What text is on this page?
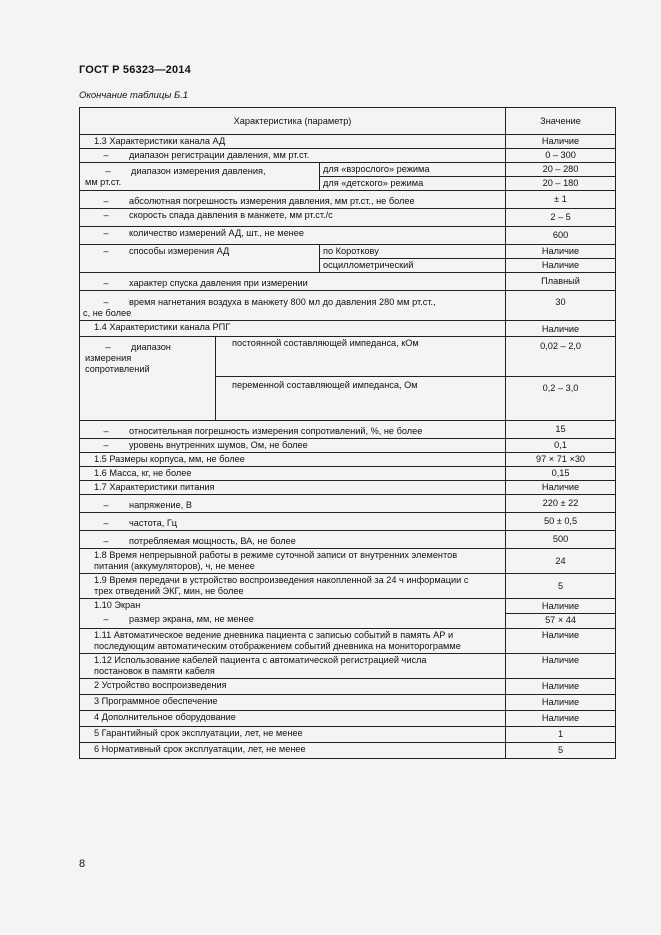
ГОСТ Р 56323—2014
Окончание таблицы Б.1
Характеристика (параметр)			Значение
1.3 Характеристики канала АД			Наличие
– диапазон регистрации давления, мм рт.ст.			0 – 300
– диапазон измерения давления,
мм рт.ст.		для «взрослого» режима	20 – 280
		для «детского» режима	20 – 180
– абсолютная погрешность измерения давления, мм рт.ст., не более			± 1
– скорость спада давления в манжете, мм рт.ст./с			2 – 5
– количество измерений АД, шт., не менее			600
– способы измерения АД		по Короткову	Наличие
		осциллометрический	Наличие
– характер спуска давления при измерении			Плавный
– время нагнетания воздуха в манжету 800 мл до давления 280 мм рт.ст.,
с, не более			30
1.4 Характеристики канала РПГ			Наличие
– диапазон
измерения
сопротивлений	постоянной составляющей импеданса, кОм		0,02 – 2,0
	переменной составляющей импеданса, Ом		0,2 – 3,0
– относительная погрешность измерения сопротивлений, %, не более			15
– уровень внутренних шумов, Ом, не более			0,1
1.5 Размеры корпуса, мм, не более			97 × 71 ×30
1.6 Масса, кг, не более			0,15
1.7 Характеристики питания			Наличие
– напряжение, В			220 ± 22
– частота, Гц			50 ± 0,5
– потребляемая мощность, ВА, не более			500
1.8 Время непрерывной работы в режиме суточной записи от внутренних элементов
питания (аккумуляторов), ч, не менее			24
1.9 Время передачи в устройство воспроизведения накопленной за 24 ч информации с
трех отведений ЭКГ, мин, не более			5
1.10 Экран			Наличие
– размер экрана, мм, не менее			57 × 44
1.11 Автоматическое ведение дневника пациента с записью событий в память АР и
последующим автоматическим отображением событий дневника на мониторограмме			Наличие
1.12 Использование кабелей пациента с автоматической регистрацией числа
постановок в памяти кабеля			Наличие
2 Устройство воспроизведения			Наличие
3 Программное обеспечение			Наличие
4 Дополнительное оборудование			Наличие
5 Гарантийный срок эксплуатации, лет, не менее			1
6 Нормативный срок эксплуатации, лет, не менее			5
8
